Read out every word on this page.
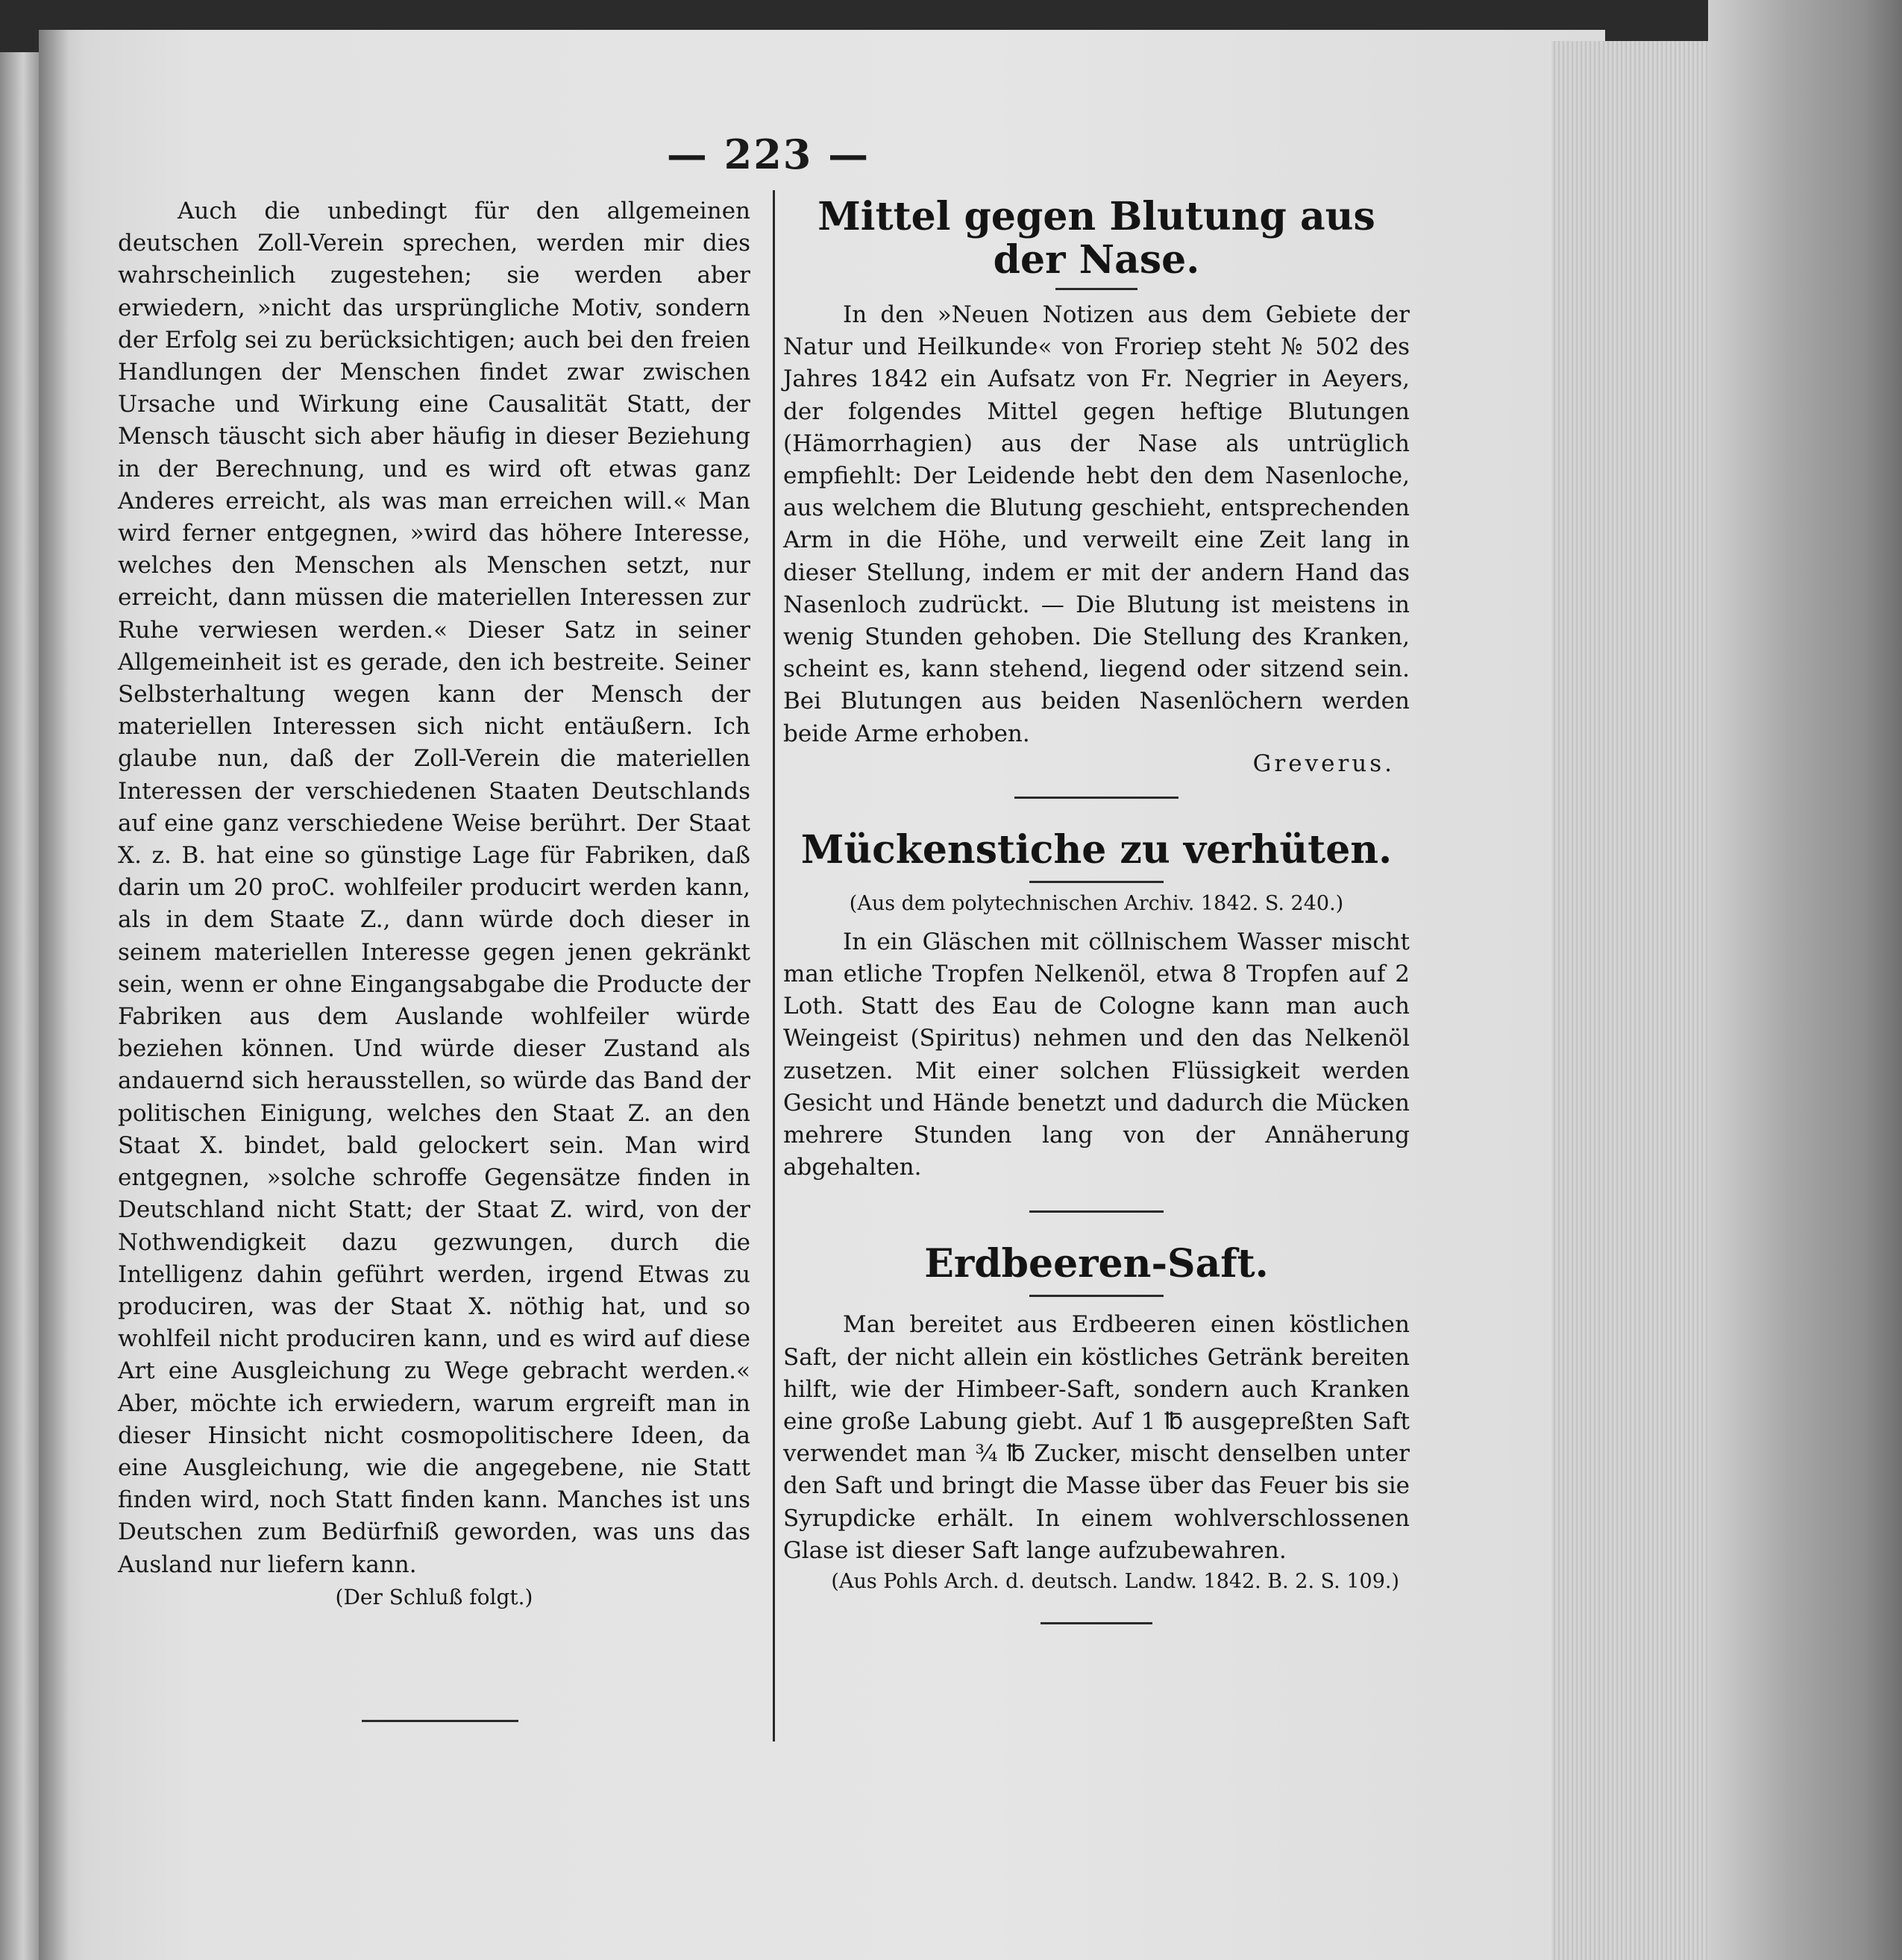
— 223 —

Auch die unbedingt für den allgemeinen deutschen Zoll-Verein sprechen, werden mir dies wahrscheinlich zugestehen; sie werden aber erwiedern, »nicht das ursprüngliche Motiv, sondern der Erfolg sei zu berücksichtigen; auch bei den freien Handlungen der Menschen findet zwar zwischen Ursache und Wirkung eine Causalität Statt, der Mensch täuscht sich aber häufig in dieser Beziehung in der Berechnung, und es wird oft etwas ganz Anderes erreicht, als was man erreichen will.« Man wird ferner entgegnen, »wird das höhere Interesse, welches den Menschen als Menschen setzt, nur erreicht, dann müssen die materiellen Interessen zur Ruhe verwiesen werden.« Dieser Satz in seiner Allgemeinheit ist es gerade, den ich bestreite. Seiner Selbsterhaltung wegen kann der Mensch der materiellen Interessen sich nicht entäußern. Ich glaube nun, daß der Zoll-Verein die materiellen Interessen der verschiedenen Staaten Deutschlands auf eine ganz verschiedene Weise berührt. Der Staat X. z. B. hat eine so günstige Lage für Fabriken, daß darin um 20 proC. wohlfeiler producirt werden kann, als in dem Staate Z., dann würde doch dieser in seinem materiellen Interesse gegen jenen gekränkt sein, wenn er ohne Eingangsabgabe die Producte der Fabriken aus dem Auslande wohlfeiler würde beziehen können. Und würde dieser Zustand als andauernd sich herausstellen, so würde das Band der politischen Einigung, welches den Staat Z. an den Staat X. bindet, bald gelockert sein. Man wird entgegnen, »solche schroffe Gegensätze finden in Deutschland nicht Statt; der Staat Z. wird, von der Nothwendigkeit dazu gezwungen, durch die Intelligenz dahin geführt werden, irgend Etwas zu produciren, was der Staat X. nöthig hat, und so wohlfeil nicht produciren kann, und es wird auf diese Art eine Ausgleichung zu Wege gebracht werden.« Aber, möchte ich erwiedern, warum ergreift man in dieser Hinsicht nicht cosmopolitischere Ideen, da eine Ausgleichung, wie die angegebene, nie Statt finden wird, noch Statt finden kann. Manches ist uns Deutschen zum Bedürfniß geworden, was uns das Ausland nur liefern kann.

(Der Schluß folgt.)

Mittel gegen Blutung aus der Nase.

In den »Neuen Notizen aus dem Gebiete der Natur und Heilkunde« von Froriep steht № 502 des Jahres 1842 ein Aufsatz von Fr. Negrier in Aeyers, der folgendes Mittel gegen heftige Blutungen (Hämorrhagien) aus der Nase als untrüglich empfiehlt: Der Leidende hebt den dem Nasenloche, aus welchem die Blutung geschieht, entsprechenden Arm in die Höhe, und verweilt eine Zeit lang in dieser Stellung, indem er mit der andern Hand das Nasenloch zudrückt. — Die Blutung ist meistens in wenig Stunden gehoben. Die Stellung des Kranken, scheint es, kann stehend, liegend oder sitzend sein. Bei Blutungen aus beiden Nasenlöchern werden beide Arme erhoben.

Greverus.

Mückenstiche zu verhüten.

(Aus dem polytechnischen Archiv. 1842. S. 240.)

In ein Gläschen mit cöllnischem Wasser mischt man etliche Tropfen Nelkenöl, etwa 8 Tropfen auf 2 Loth. Statt des Eau de Cologne kann man auch Weingeist (Spiritus) nehmen und den das Nelkenöl zusetzen. Mit einer solchen Flüssigkeit werden Gesicht und Hände benetzt und dadurch die Mücken mehrere Stunden lang von der Annäherung abgehalten.

Erdbeeren-Saft.

Man bereitet aus Erdbeeren einen köstlichen Saft, der nicht allein ein köstliches Getränk bereiten hilft, wie der Himbeer-Saft, sondern auch Kranken eine große Labung giebt. Auf 1 ℔ ausgepreßten Saft verwendet man ¾ ℔ Zucker, mischt denselben unter den Saft und bringt die Masse über das Feuer bis sie Syrupdicke erhält. In einem wohlverschlossenen Glase ist dieser Saft lange aufzubewahren.

(Aus Pohls Arch. d. deutsch. Landw. 1842. B. 2. S. 109.)
